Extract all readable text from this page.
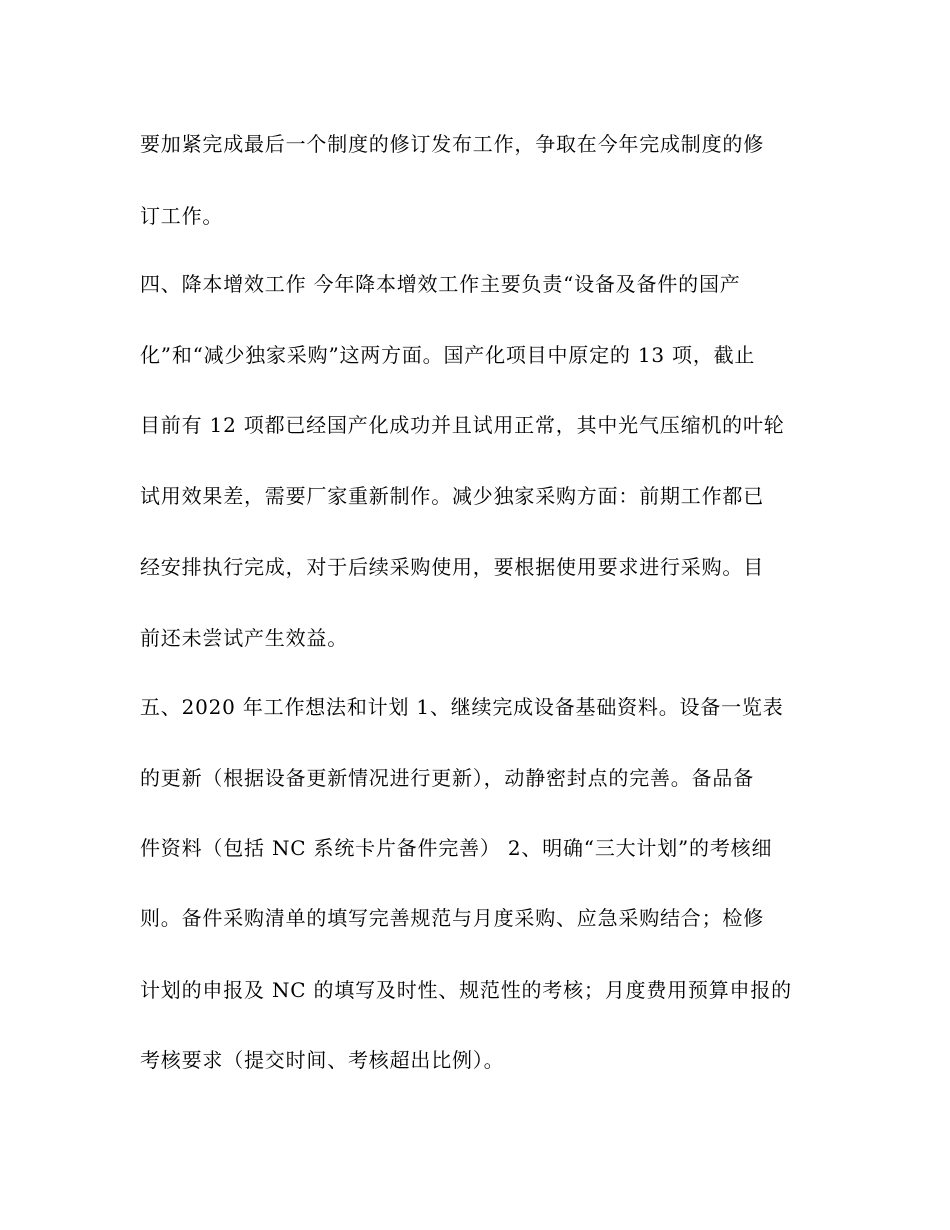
要加紧完成最后一个制度的修订发布工作，争取在今年完成制度的修

订工作。

四、降本增效工作 今年降本增效工作主要负责“设备及备件的国产

化”和“减少独家采购”这两方面。国产化项目中原定的 13 项，截止

目前有 12 项都已经国产化成功并且试用正常，其中光气压缩机的叶轮

试用效果差，需要厂家重新制作。减少独家采购方面：前期工作都已

经安排执行完成，对于后续采购使用，要根据使用要求进行采购。目

前还未尝试产生效益。

五、2020 年工作想法和计划 1、继续完成设备基础资料。设备一览表

的更新（根据设备更新情况进行更新），动静密封点的完善。备品备

件资料（包括 NC 系统卡片备件完善） 2、明确“三大计划”的考核细

则。备件采购清单的填写完善规范与月度采购、应急采购结合；检修

计划的申报及 NC 的填写及时性、规范性的考核；月度费用预算申报的

考核要求（提交时间、考核超出比例）。
